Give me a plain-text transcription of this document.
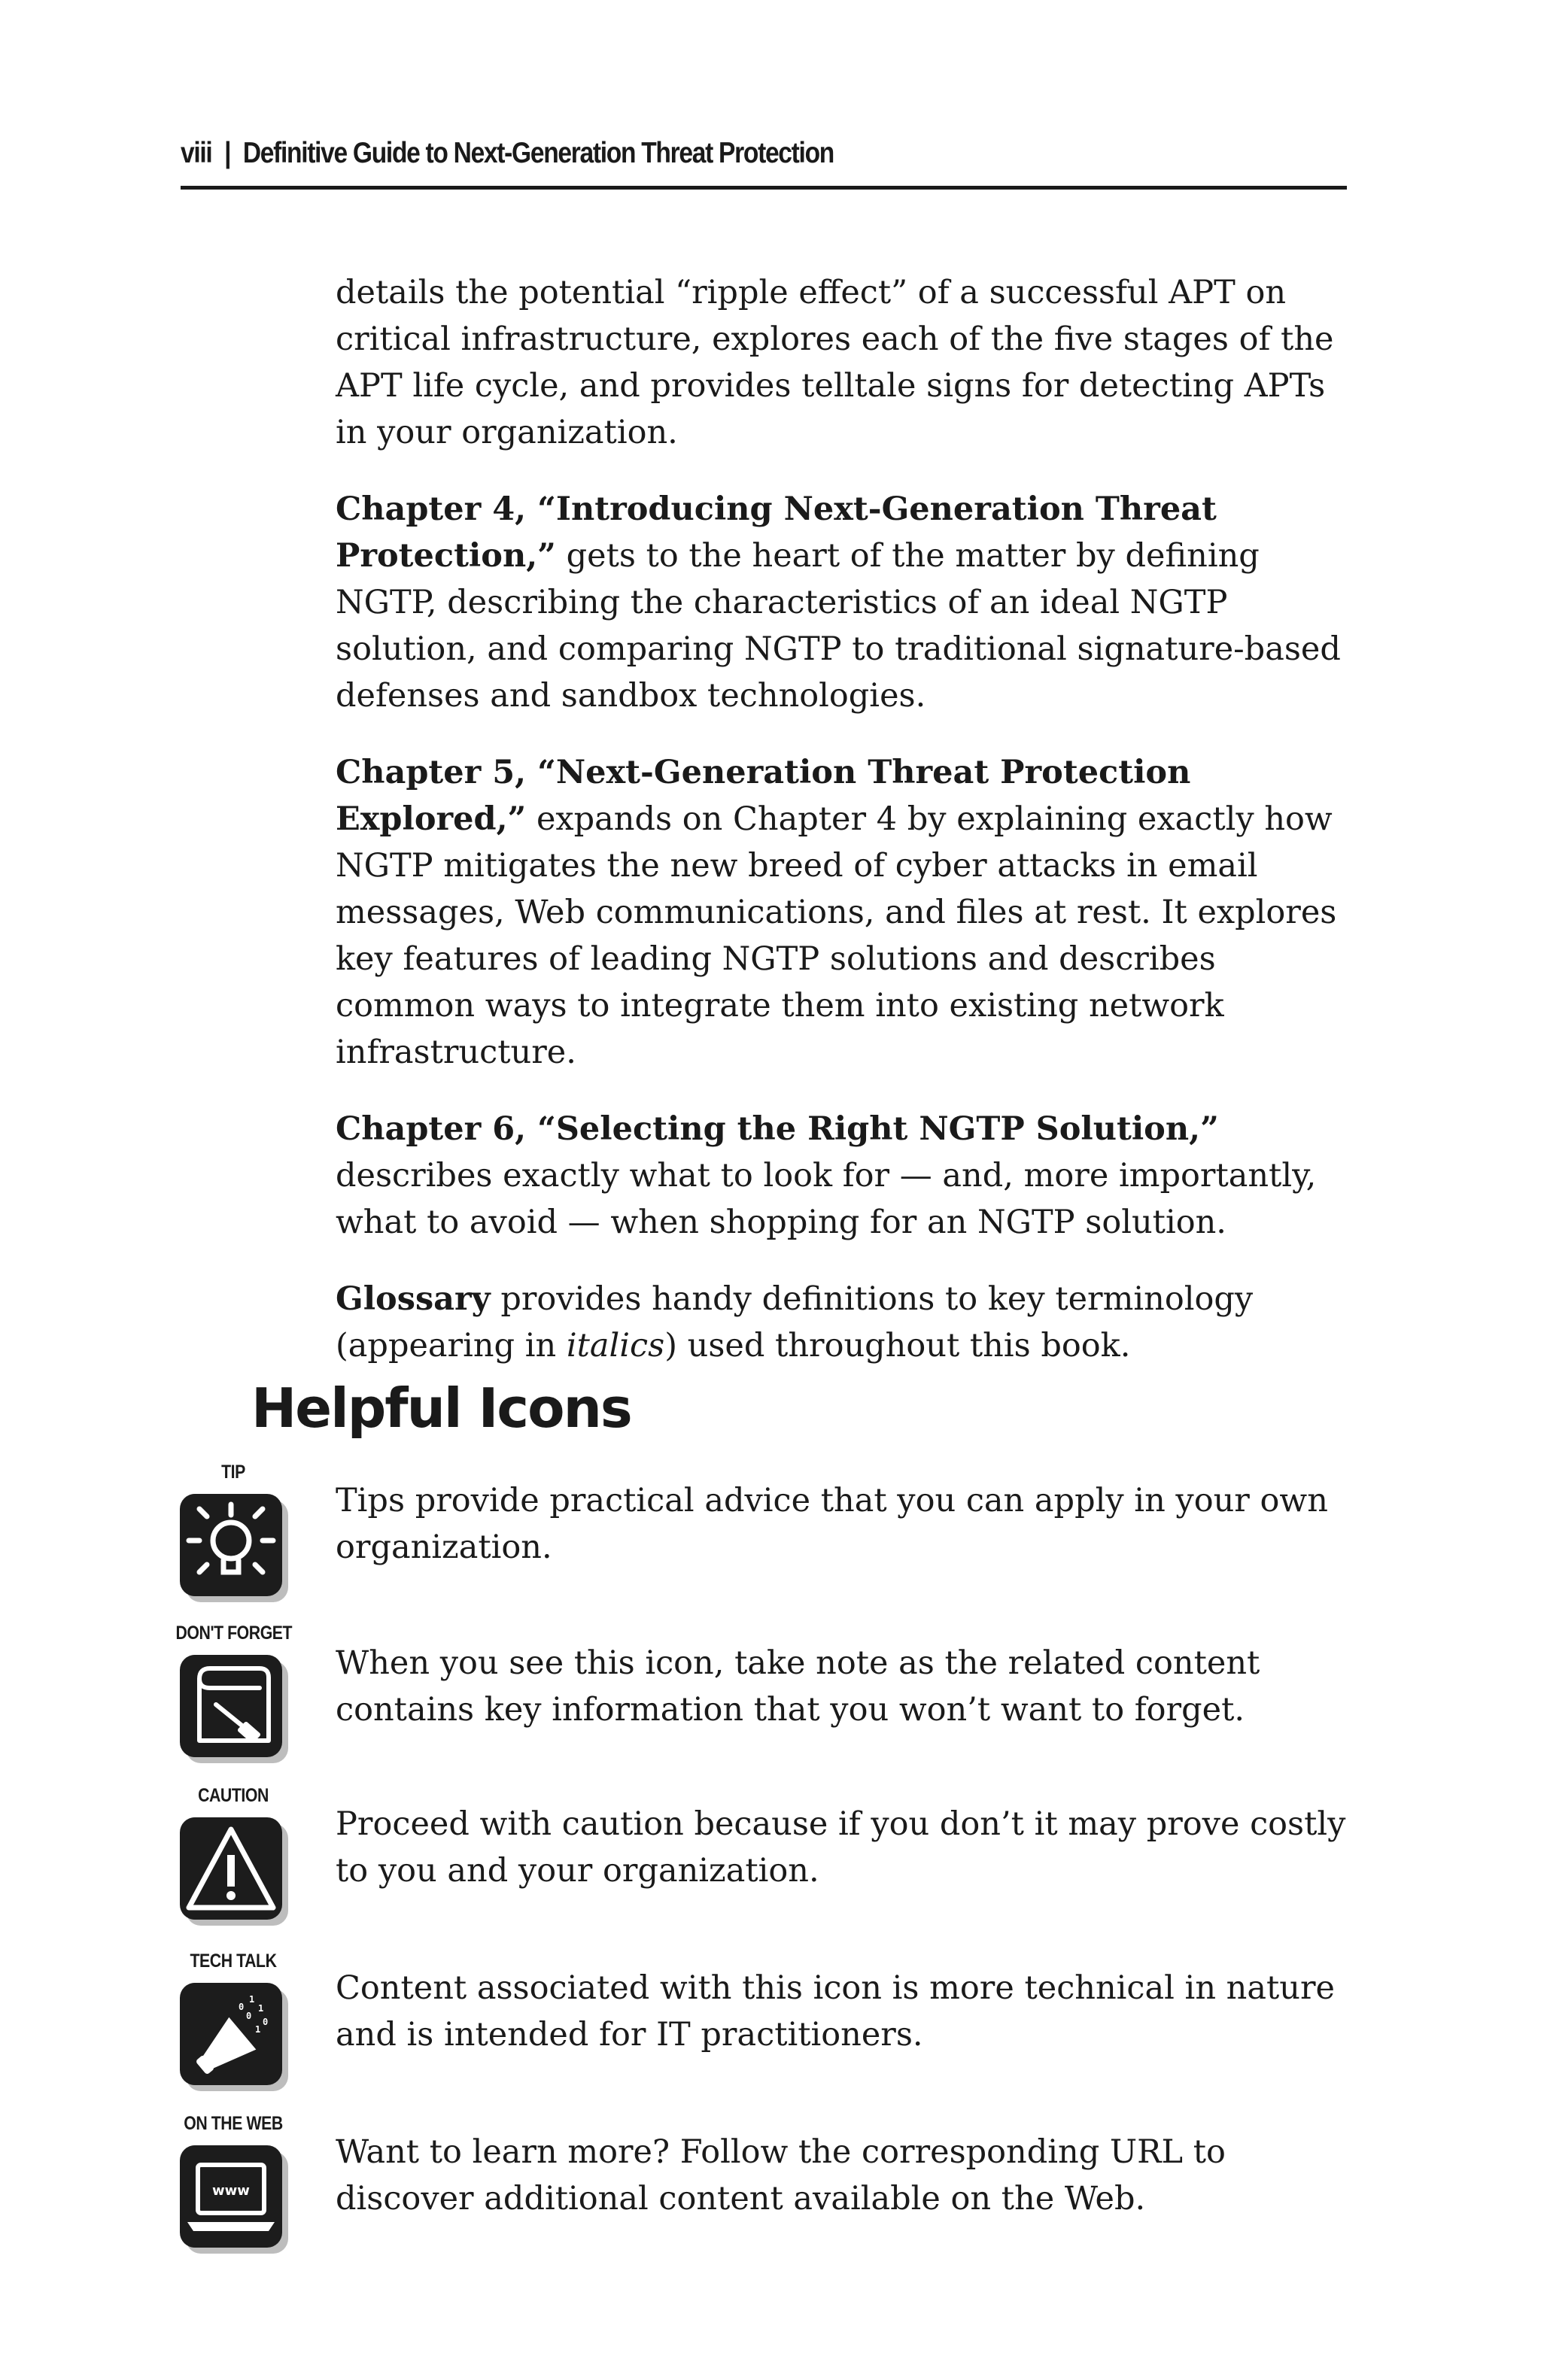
viii | Definitive Guide to Next-Generation Threat Protection

details the potential “ripple effect” of a successful APT on critical infrastructure, explores each of the five stages of the APT life cycle, and provides telltale signs for detecting APTs in your organization.

Chapter 4, “Introducing Next-Generation Threat Protection,” gets to the heart of the matter by defining NGTP, describing the characteristics of an ideal NGTP solution, and comparing NGTP to traditional signature-based defenses and sandbox technologies.

Chapter 5, “Next-Generation Threat Protection Explored,” expands on Chapter 4 by explaining exactly how NGTP mitigates the new breed of cyber attacks in email messages, Web communications, and files at rest. It explores key features of leading NGTP solutions and describes common ways to integrate them into existing network infrastructure.

Chapter 6, “Selecting the Right NGTP Solution,” describes exactly what to look for — and, more importantly, what to avoid — when shopping for an NGTP solution.

Glossary provides handy definitions to key terminology (appearing in italics) used throughout this book.

Helpful Icons
TIP
Tips provide practical advice that you can apply in your own organization.
DON'T FORGET
When you see this icon, take note as the related content contains key information that you won’t want to forget.
CAUTION
Proceed with caution because if you don’t it may prove costly to you and your organization.
TECH TALK
0
1
1
0
0
1
Content associated with this icon is more technical in nature and is intended for IT practitioners.
ON THE WEB
www
Want to learn more? Follow the corresponding URL to discover additional content available on the Web.
